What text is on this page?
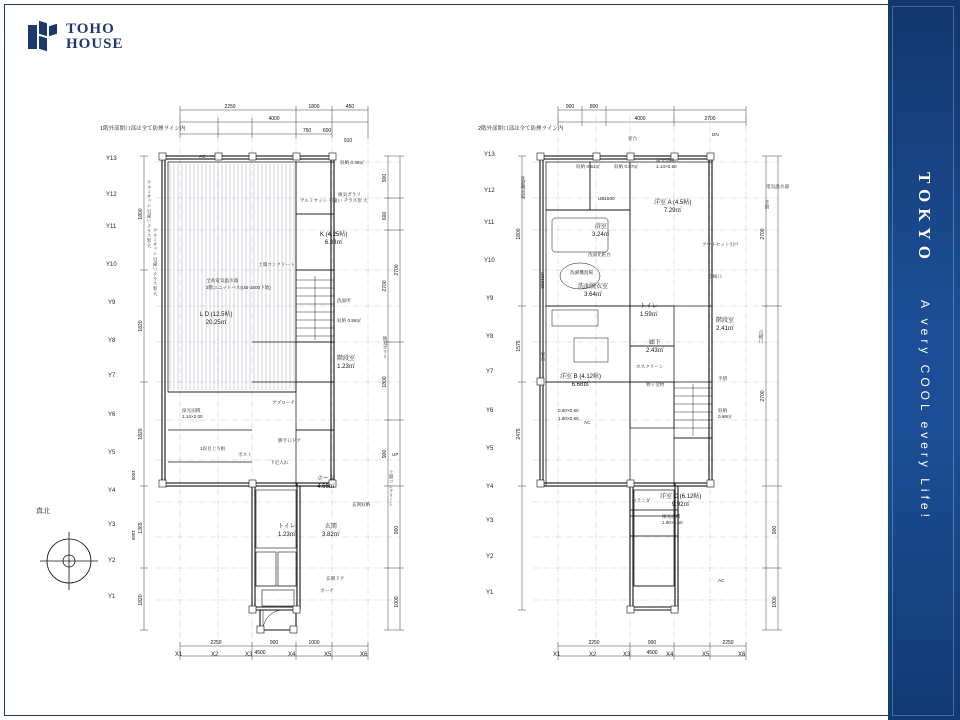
TOHO
HOUSE
TOKYO
A very COOL every Life!
真北
1階外部開口部は全て防煙ライン内
2250	1800	450
4000
750 600
910
1800
1820
1820
1365
1820
900
600
2700
1800
900
2700
900
1000
2250	900	1000
4500
Y13
Y12
Y11
Y10
Y9
Y8
Y7
Y6
Y5
Y4
Y3
Y2
Y1
X1	X2	X3	X4	X5	X6
L D (12.5帖)
20.25㎡
K (4.25帖)
6.88㎡
ホール
4.66㎡
玄関
3.82㎡
トイレ
1.23㎡
階段室
1.23㎡
収納 0.40㎡
収納 0.56㎡
採光面積
1.14×2.00
ポーチ
AC
玄関ドア
洗面所
全高電気温水器
2階ユニットバス(UB-1600下地)
アルミサッシ 引違い テラス窓 大
アプローチ
UP
換気ガラリ
勝手口ドア
下足入れ
玄関収納
土間コンクリート
1段目上り框
ポスト
アルミサッシ 引違い テラス窓 大
アルミサッシ 引違い テラス窓 大
換気ガラリ
土間コンクリート
1800
1365
2階外部開口部は全て防煙ライン内
900	800
4000	2700
1800
1575
2475
2700
2700
900
1000
2250	900	2250
4500
Y13
Y12
Y11
Y10
Y9
Y8
Y7
Y6
Y5
Y4
Y3
Y2
Y1
X1	X2	X3	X4	X5	X6
洋室 A (4.5帖)
7.29㎡
洋室 B (4.12帖)
6.68㎡
洋室 C (6.12帖)
9.92㎡
洗面脱衣室
3.64㎡
浴室
3.24㎡
階段室
2.41㎡
廊下
2.43㎡
トイレ
1.59㎡
収納 0.61㎡	収納 0.67㎡
収納
0.66㎡
採光面積
1.14×0.50
採光面積
1.60×1.60
ベランダ
AC
AC
洗面化粧台
アウトセット引戸
UB1600
洗濯機置場
ホスクリーン
物干金物
手摺
点検口
電気温水器
窓台
DN
0.60×0.50
1.60×0.50
洗濯機置場
UB1600
窓台
手摺
点検口
